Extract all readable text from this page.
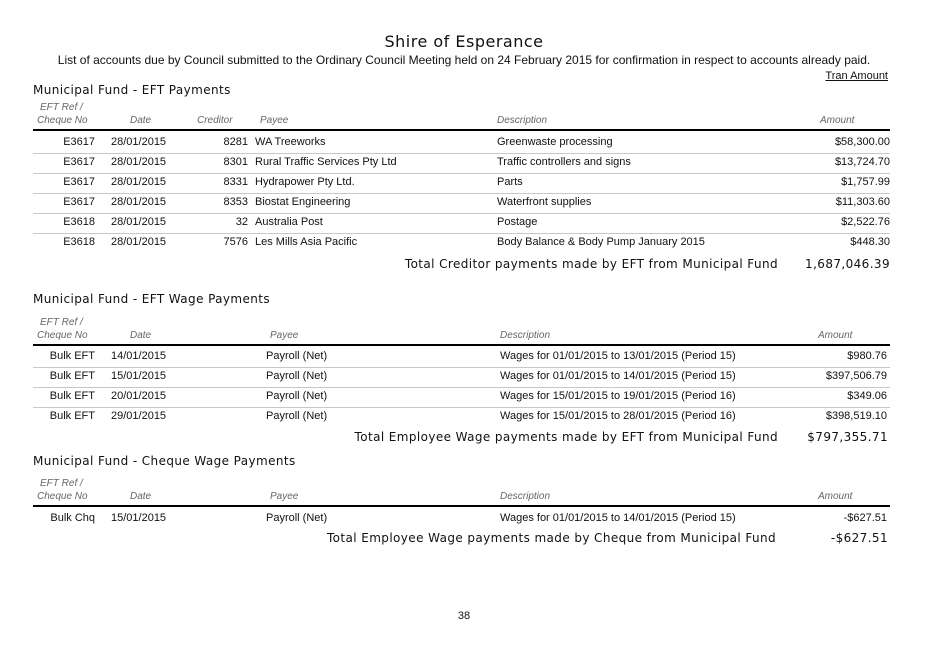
Shire of Esperance
List of accounts due by Council submitted to the Ordinary Council Meeting held on 24 February 2015 for confirmation in respect to accounts already paid.
Tran Amount
Municipal Fund - EFT Payments
EFT Ref /
Cheque No	Date	Creditor	Payee	Description	Amount
E3617 28/01/2015	8281 WA Treeworks	Greenwaste processing	$58,300.00
E3617 28/01/2015	8301 Rural Traffic Services Pty Ltd	Traffic controllers and signs	$13,724.70
E3617 28/01/2015	8331 Hydrapower Pty Ltd.	Parts	$1,757.99
E3617 28/01/2015	8353 Biostat Engineering	Waterfront supplies	$11,303.60
E3618 28/01/2015	32 Australia Post	Postage	$2,522.76
E3618 28/01/2015	7576 Les Mills Asia Pacific	Body Balance & Body Pump January 2015	$448.30
Total Creditor payments made by EFT from Municipal Fund 1,687,046.39
Municipal Fund - EFT Wage Payments
EFT Ref /
Cheque No	Date	Payee	Description	Amount
Bulk EFT 14/01/2015	Payroll (Net)	Wages for 01/01/2015 to 13/01/2015 (Period 15)	$980.76
Bulk EFT 15/01/2015	Payroll (Net)	Wages for 01/01/2015 to 14/01/2015 (Period 15)	$397,506.79
Bulk EFT 20/01/2015	Payroll (Net)	Wages for 15/01/2015 to 19/01/2015 (Period 16)	$349.06
Bulk EFT 29/01/2015	Payroll (Net)	Wages for 15/01/2015 to 28/01/2015 (Period 16)	$398,519.10
Total Employee Wage payments made by EFT from Municipal Fund $797,355.71
Municipal Fund - Cheque Wage Payments
EFT Ref /
Cheque No	Date	Payee	Description	Amount
Bulk Chq 15/01/2015	Payroll (Net)	Wages for 01/01/2015 to 14/01/2015 (Period 15)	-$627.51
Total Employee Wage payments made by Cheque from Municipal Fund	-$627.51
38
